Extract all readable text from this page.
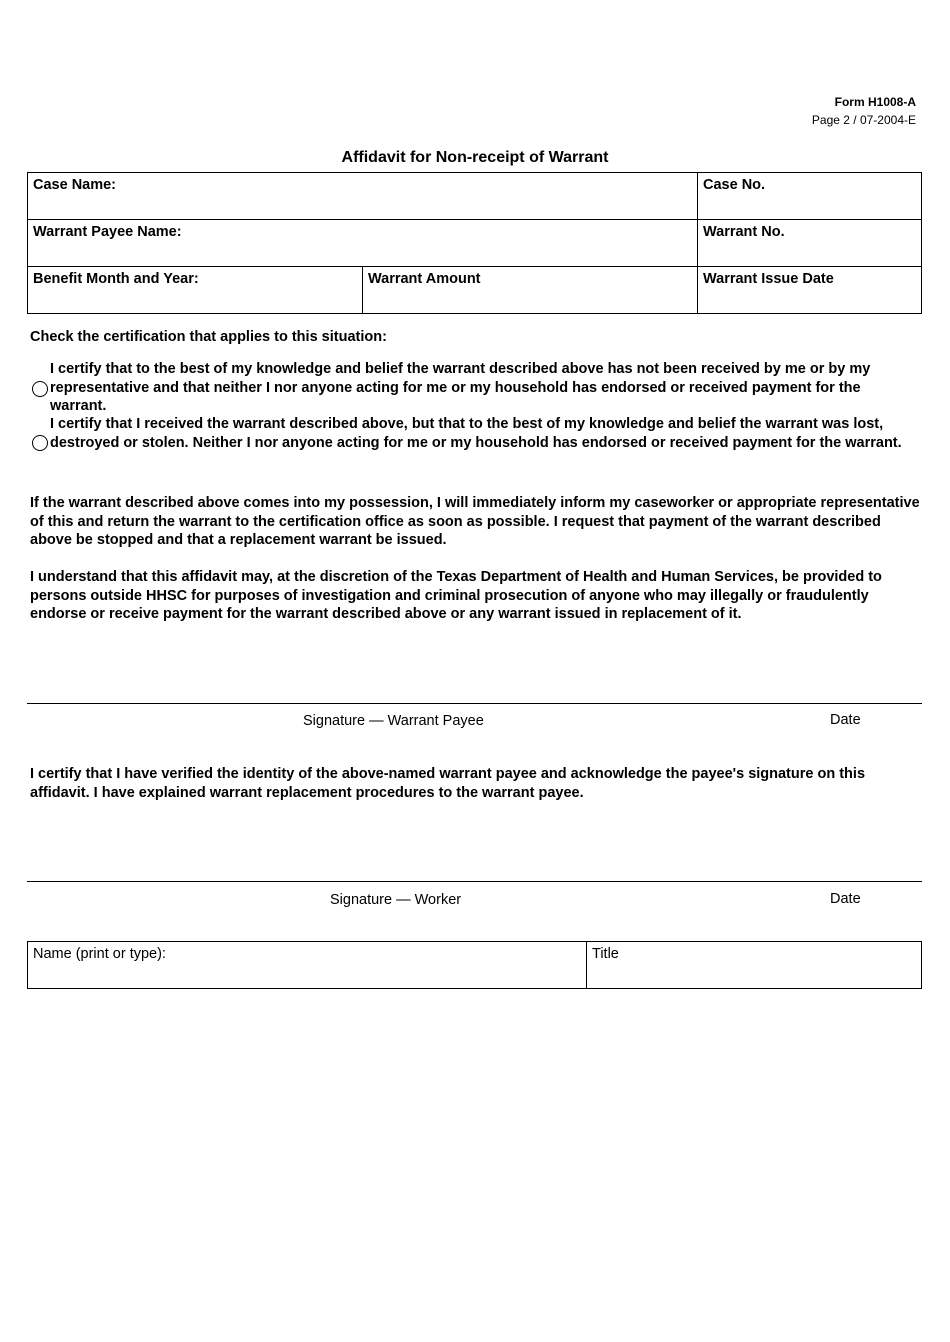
Form H1008-A
Page 2 / 07-2004-E
Affidavit for Non-receipt of Warrant
Case Name:		Case No.
Warrant Payee Name:		Warrant No.
Benefit Month and Year:	Warrant Amount	Warrant Issue Date
Check the certification that applies to this situation:
I certify that to the best of my knowledge and belief the warrant described above has not been received by me or by my representative and that neither I nor anyone acting for me or my household has endorsed or received payment for the warrant.
I certify that I received the warrant described above, but that to the best of my knowledge and belief the warrant was lost, destroyed or stolen. Neither I nor anyone acting for me or my household has endorsed or received payment for the warrant.
If the warrant described above comes into my possession, I will immediately inform my caseworker or appropriate representative of this and return the warrant to the certification office as soon as possible. I request that payment of the warrant described above be stopped and that a replacement warrant be issued.
I understand that this affidavit may, at the discretion of the Texas Department of Health and Human Services, be provided to persons outside HHSC for purposes of investigation and criminal prosecution of anyone who may illegally or fraudulently endorse or receive payment for the warrant described above or any warrant issued in replacement of it.
Signature — Warrant Payee	Date
I certify that I have verified the identity of the above-named warrant payee and acknowledge the payee's signature on this affidavit. I have explained warrant replacement procedures to the warrant payee.
Signature — Worker	Date
Name (print or type):	Title
